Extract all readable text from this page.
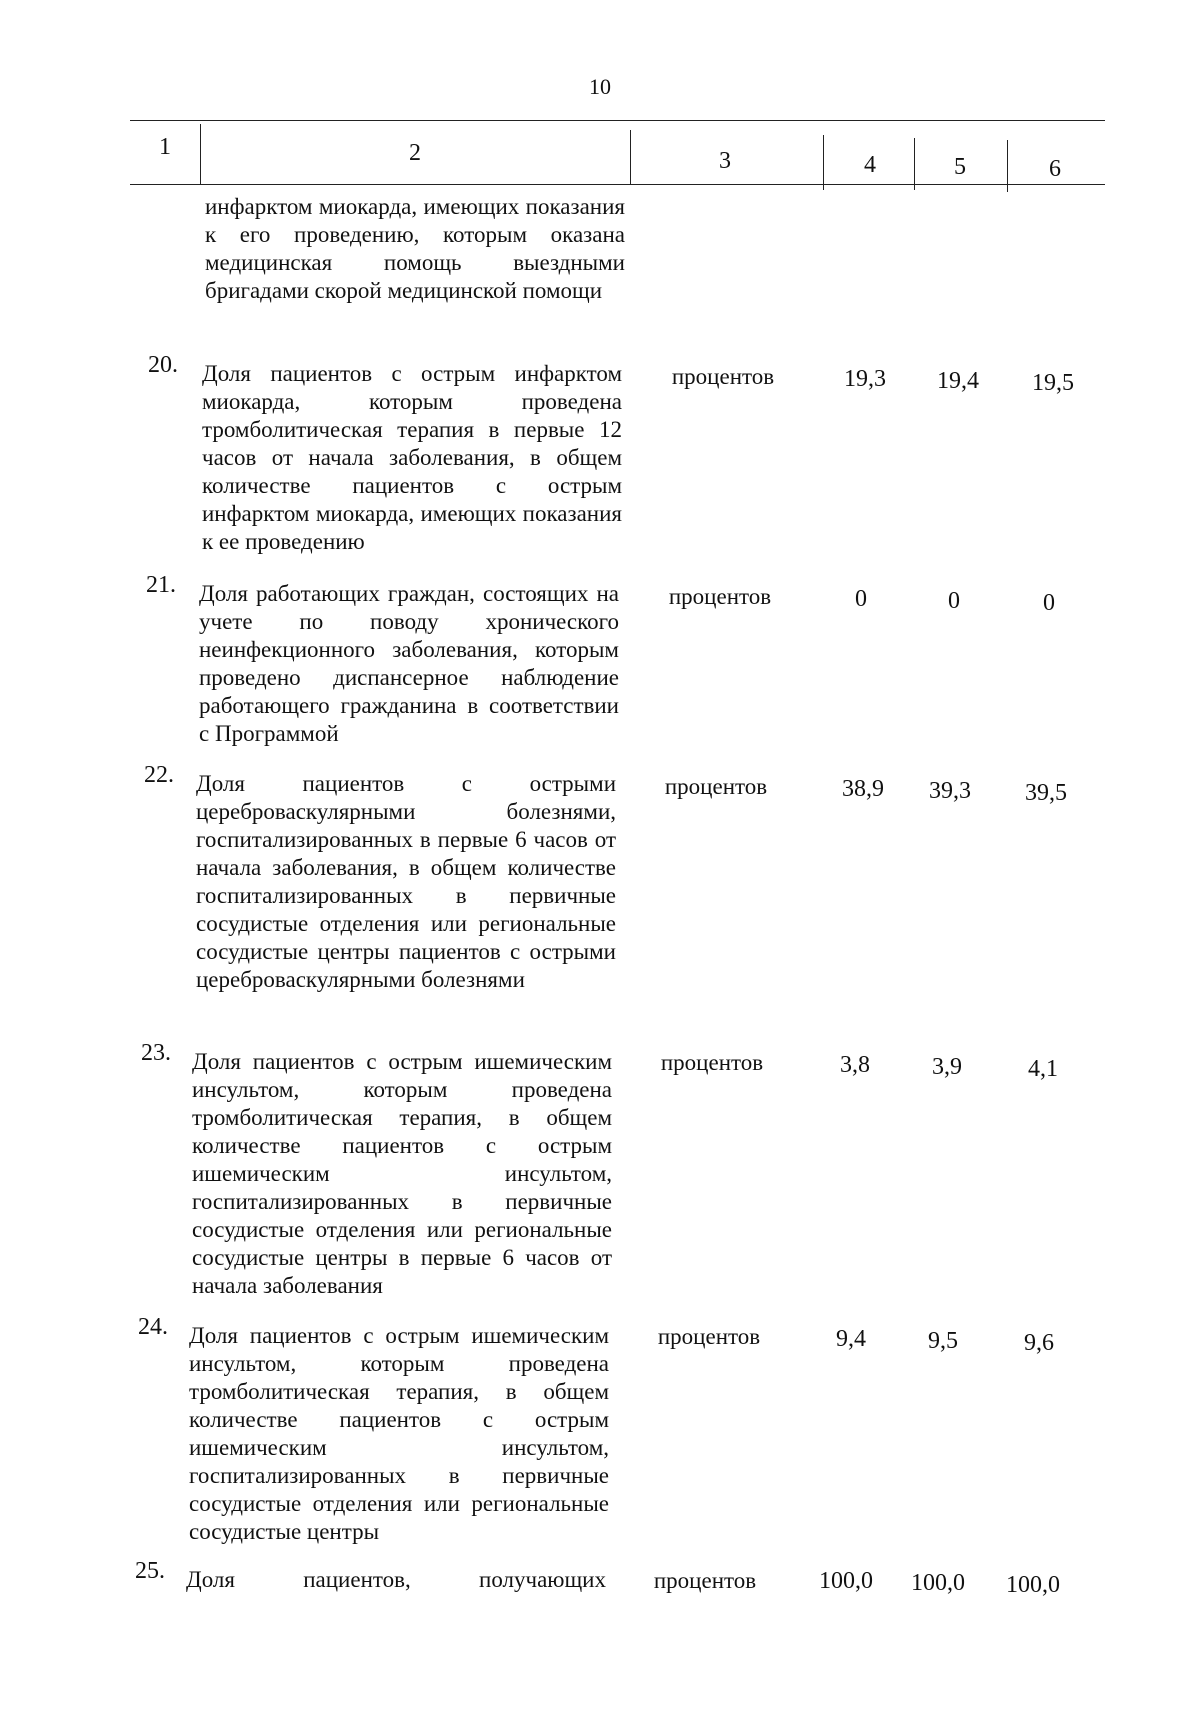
10
1	2	3	4	5	6
инфарктом миокарда, имеющих показания к его проведению, которым оказана медицинская помощь выездными бригадами скорой медицинской помощи
20. Доля пациентов с острым инфарктом миокарда, которым проведена тромболитическая терапия в первые 12 часов от начала заболевания, в общем количестве пациентов с острым инфарктом миокарда, имеющих показания к ее проведению
процентов	19,3	19,4	19,5
21. Доля работающих граждан, состоящих на учете по поводу хронического неинфекционного заболевания, которым проведено диспансерное наблюдение работающего гражданина в соответствии с Программой
процентов	0	0	0
22. Доля пациентов с острыми цереброваскулярными болезнями, госпитализированных в первые 6 часов от начала заболевания, в общем количестве госпитализированных в первичные сосудистые отделения или региональные сосудистые центры пациентов с острыми цереброваскулярными болезнями
процентов	38,9	39,3	39,5
23. Доля пациентов с острым ишемическим инсультом, которым проведена тромболитическая терапия, в общем количестве пациентов с острым ишемическим инсультом, госпитализированных в первичные сосудистые отделения или региональные сосудистые центры в первые 6 часов от начала заболевания
процентов	3,8	3,9	4,1
24. Доля пациентов с острым ишемическим инсультом, которым проведена тромболитическая терапия, в общем количестве пациентов с острым ишемическим инсультом, госпитализированных в первичные сосудистые отделения или региональные сосудистые центры
процентов	9,4	9,5	9,6
25. Доля пациентов, получающих	процентов	100,0	100,0	100,0
